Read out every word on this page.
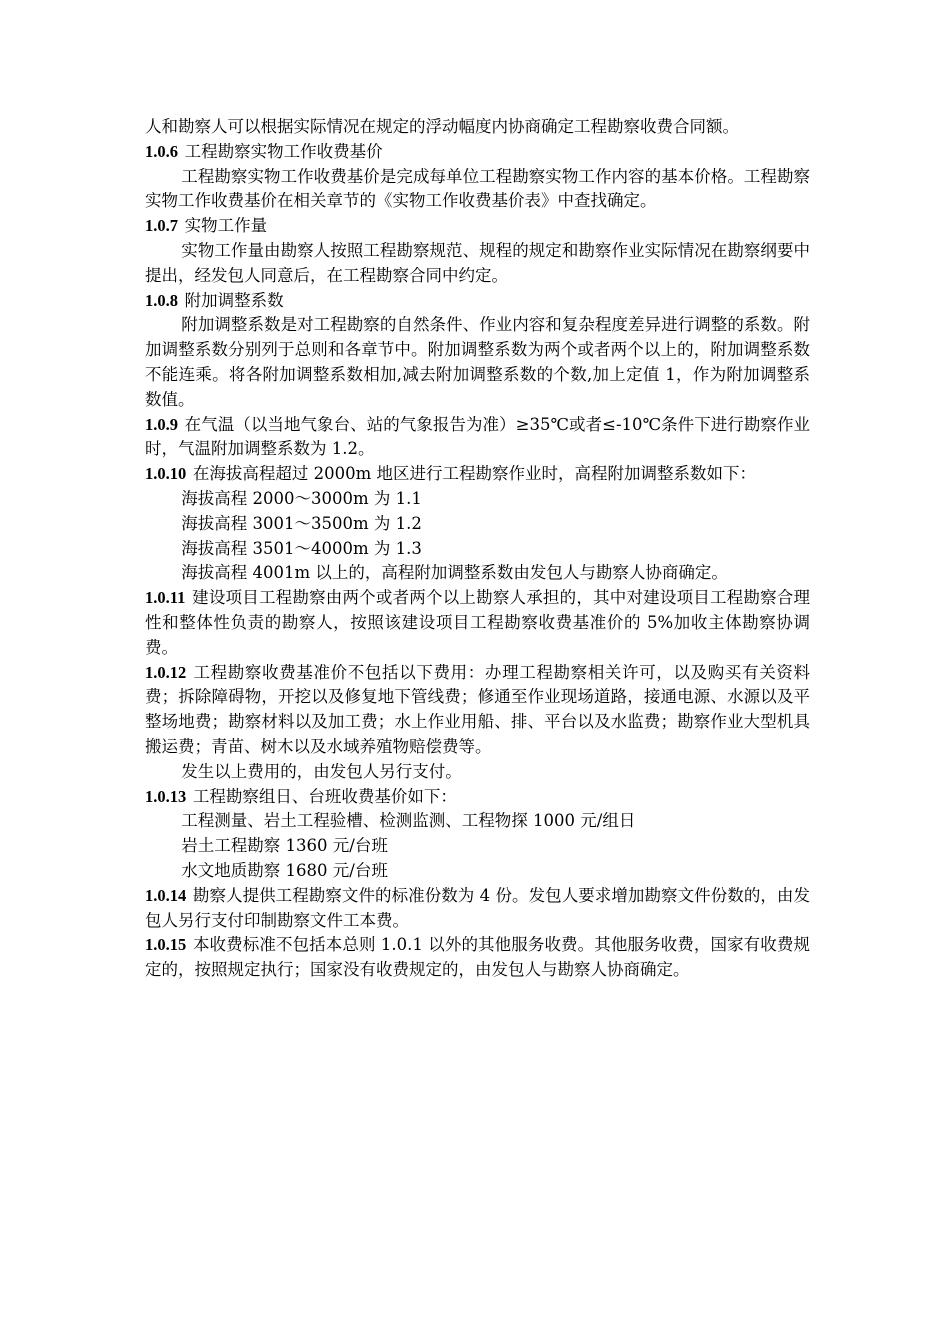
人和勘察人可以根据实际情况在规定的浮动幅度内协商确定工程勘察收费合同额。

1.0.6 工程勘察实物工作收费基价

工程勘察实物工作收费基价是完成每单位工程勘察实物工作内容的基本价格。工程勘察实物工作收费基价在相关章节的《实物工作收费基价表》中查找确定。

1.0.7 实物工作量

实物工作量由勘察人按照工程勘察规范、规程的规定和勘察作业实际情况在勘察纲要中提出，经发包人同意后，在工程勘察合同中约定。

1.0.8 附加调整系数

附加调整系数是对工程勘察的自然条件、作业内容和复杂程度差异进行调整的系数。附加调整系数分别列于总则和各章节中。附加调整系数为两个或者两个以上的，附加调整系数不能连乘。将各附加调整系数相加,减去附加调整系数的个数,加上定值 1，作为附加调整系数值。

1.0.9 在气温（以当地气象台、站的气象报告为准）≥35℃或者≤-10℃条件下进行勘察作业时，气温附加调整系数为 1.2。

1.0.10 在海拔高程超过 2000m 地区进行工程勘察作业时，高程附加调整系数如下：

海拔高程 2000～3000m 为 1.1

海拔高程 3001～3500m 为 1.2

海拔高程 3501～4000m 为 1.3

海拔高程 4001m 以上的，高程附加调整系数由发包人与勘察人协商确定。

1.0.11 建设项目工程勘察由两个或者两个以上勘察人承担的，其中对建设项目工程勘察合理性和整体性负责的勘察人，按照该建设项目工程勘察收费基准价的 5%加收主体勘察协调费。

1.0.12 工程勘察收费基准价不包括以下费用：办理工程勘察相关许可，以及购买有关资料费；拆除障碍物，开挖以及修复地下管线费；修通至作业现场道路，接通电源、水源以及平整场地费；勘察材料以及加工费；水上作业用船、排、平台以及水监费；勘察作业大型机具搬运费；青苗、树木以及水域养殖物赔偿费等。

发生以上费用的，由发包人另行支付。

1.0.13 工程勘察组日、台班收费基价如下：

工程测量、岩土工程验槽、检测监测、工程物探 1000 元/组日

岩土工程勘察 1360 元/台班

水文地质勘察 1680 元/台班

1.0.14 勘察人提供工程勘察文件的标准份数为 4 份。发包人要求增加勘察文件份数的，由发包人另行支付印制勘察文件工本费。

1.0.15 本收费标准不包括本总则 1.0.1 以外的其他服务收费。其他服务收费，国家有收费规定的，按照规定执行；国家没有收费规定的，由发包人与勘察人协商确定。
